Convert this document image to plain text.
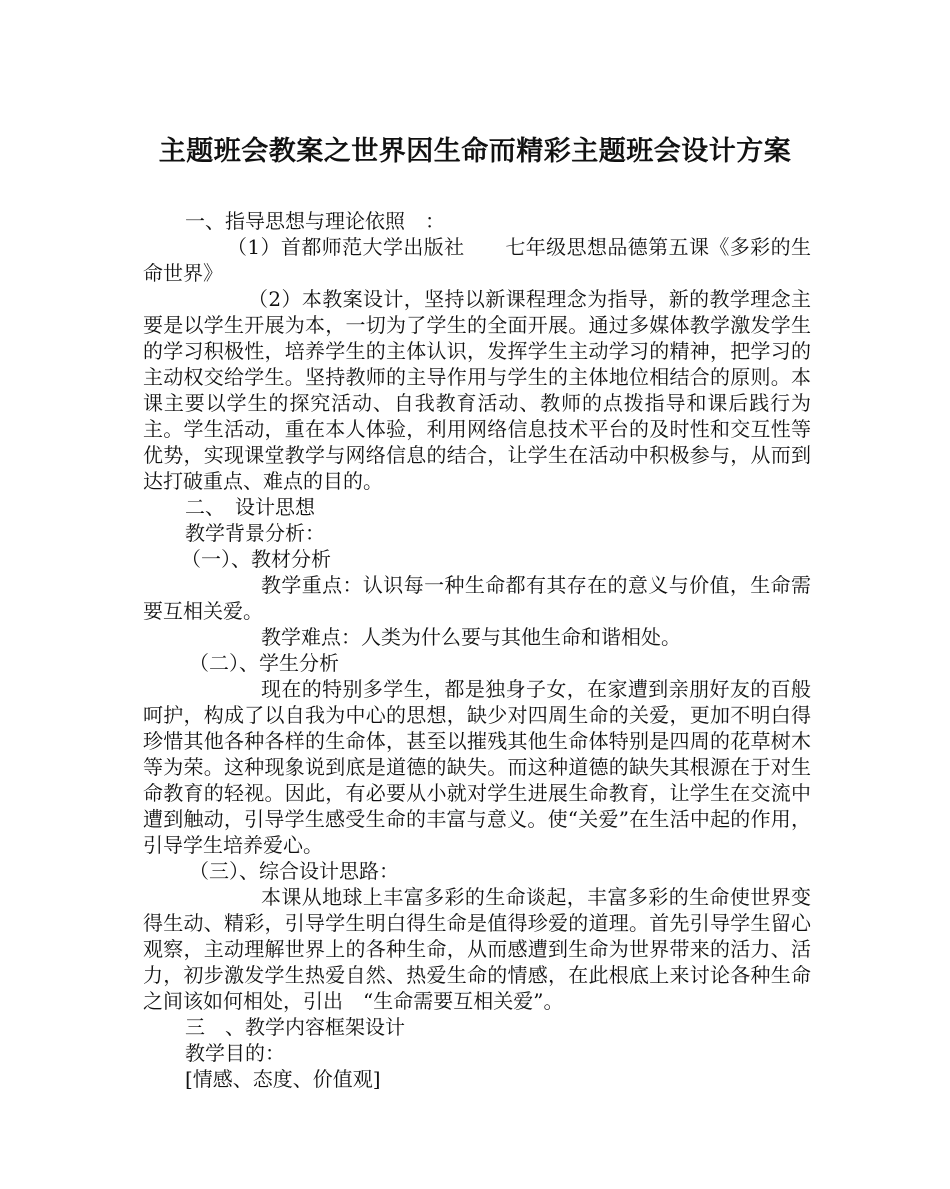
主题班会教案之世界因生命而精彩主题班会设计方案

一、指导思想与理论依照　：

（1）首都师范大学出版社　　七年级思想品德第五课《多彩的生命世界》

（2）本教案设计，坚持以新课程理念为指导，新的教学理念主要是以学生开展为本，一切为了学生的全面开展。通过多媒体教学激发学生的学习积极性，培养学生的主体认识，发挥学生主动学习的精神，把学习的主动权交给学生。坚持教师的主导作用与学生的主体地位相结合的原则。本课主要以学生的探究活动、自我教育活动、教师的点拨指导和课后践行为主。学生活动，重在本人体验，利用网络信息技术平台的及时性和交互性等优势，实现课堂教学与网络信息的结合，让学生在活动中积极参与，从而到达打破重点、难点的目的。

二、　设计思想

教学背景分析：

（一）、教材分析

教学重点：认识每一种生命都有其存在的意义与价值，生命需要互相关爱。

教学难点：人类为什么要与其他生命和谐相处。

（二）、学生分析

现在的特别多学生，都是独身子女，在家遭到亲朋好友的百般呵护，构成了以自我为中心的思想，缺少对四周生命的关爱，更加不明白得珍惜其他各种各样的生命体，甚至以摧残其他生命体特别是四周的花草树木等为荣。这种现象说到底是道德的缺失。而这种道德的缺失其根源在于对生命教育的轻视。因此，有必要从小就对学生进展生命教育，让学生在交流中遭到触动，引导学生感受生命的丰富与意义。使“关爱”在生活中起的作用，引导学生培养爱心。

（三）、综合设计思路：

本课从地球上丰富多彩的生命谈起，丰富多彩的生命使世界变得生动、精彩，引导学生明白得生命是值得珍爱的道理。首先引导学生留心观察，主动理解世界上的各种生命，从而感遭到生命为世界带来的活力、活力，初步激发学生热爱自然、热爱生命的情感，在此根底上来讨论各种生命之间该如何相处，引出　“生命需要互相关爱”。

三　、教学内容框架设计

教学目的：

[情感、态度、价值观]
